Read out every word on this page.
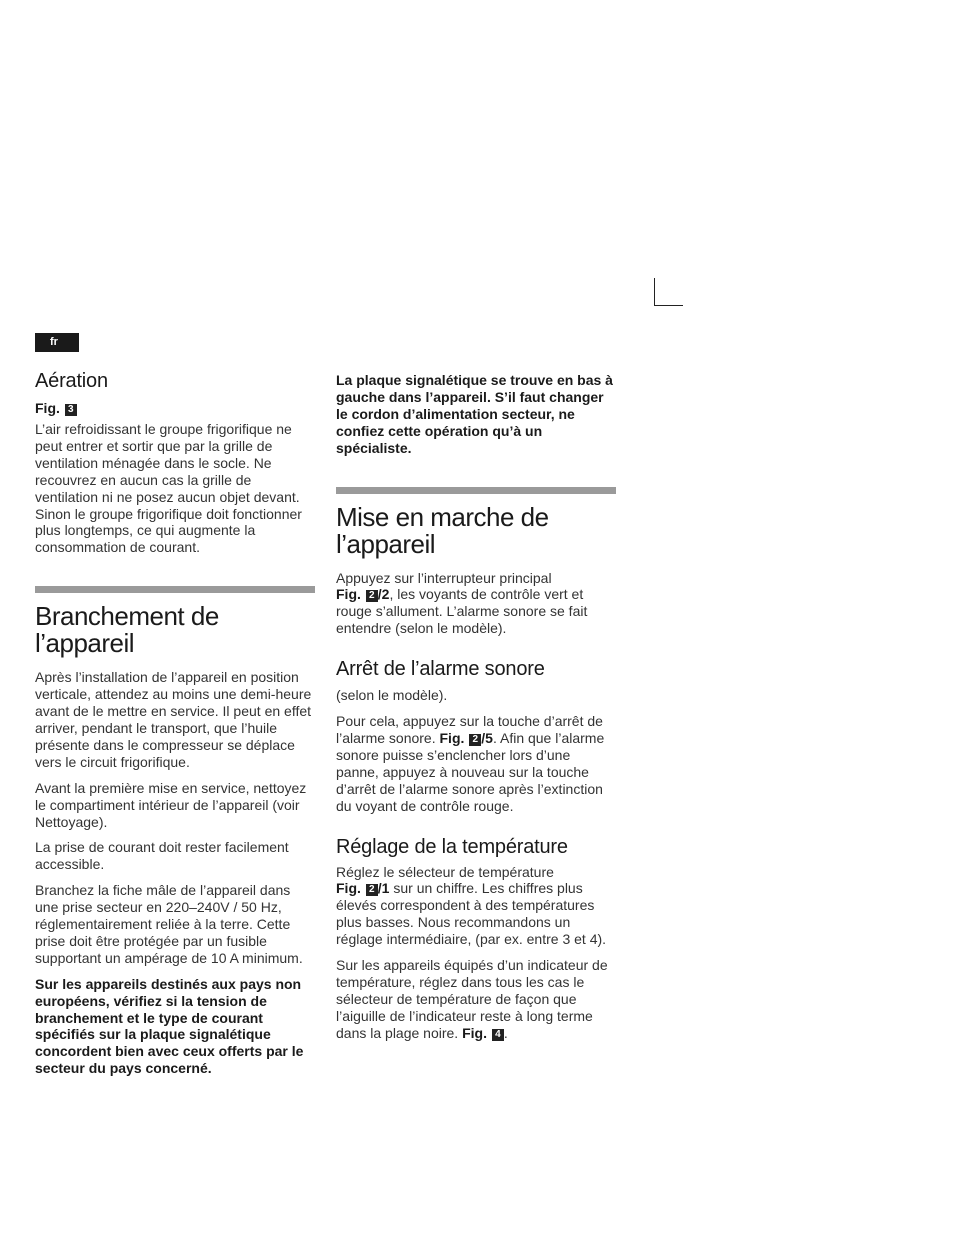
fr
Aération
Fig. 3

L’air refroidissant le groupe frigorifique ne peut entrer et sortir que par la grille de ventilation ménagée dans le socle. Ne recouvrez en aucun cas la grille de ventilation ni ne posez aucun objet devant. Sinon le groupe frigorifique doit fonctionner plus longtemps, ce qui augmente la consommation de courant.

Branchement de
l’appareil

Après l’installation de l’appareil en position verticale, attendez au moins une demi-heure avant de le mettre en service. Il peut en effet arriver, pendant le transport, que l’huile présente dans le compresseur se déplace vers le circuit frigorifique.

Avant la première mise en service, nettoyez le compartiment intérieur de l’appareil (voir Nettoyage).

La prise de courant doit rester facilement accessible.

Branchez la fiche mâle de l’appareil dans une prise secteur en 220–240V / 50 Hz, réglementairement reliée à la terre. Cette prise doit être protégée par un fusible supportant un ampérage de 10 A minimum.

Sur les appareils destinés aux pays non européens, vérifiez si la tension de branchement et le type de courant spécifiés sur la plaque signalétique concordent bien avec ceux offerts par le secteur du pays concerné.

La plaque signalétique se trouve en bas à gauche dans l’appareil. S’il faut changer le cordon d’alimentation secteur, ne confiez cette opération qu’à un spécialiste.

Mise en marche de
l’appareil

Appuyez sur l’interrupteur principal
Fig. 2 /2, les voyants de contrôle vert et rouge s’allument. L’alarme sonore se fait entendre (selon le modèle).

Arrêt de l’alarme sonore

(selon le modèle).

Pour cela, appuyez sur la touche d’arrêt de l’alarme sonore. Fig. 2 /5. Afin que l’alarme sonore puisse s’enclencher lors d’une panne, appuyez à nouveau sur la touche d’arrêt de l’alarme sonore après l’extinction du voyant de contrôle rouge.

Réglage de la température

Réglez le sélecteur de température
Fig. 2 /1 sur un chiffre. Les chiffres plus élevés correspondent à des températures plus basses. Nous recommandons un réglage intermédiaire, (par ex. entre 3 et 4).

Sur les appareils équipés d’un indicateur de température, réglez dans tous les cas le sélecteur de température de façon que l’aiguille de l’indicateur reste à long terme dans la plage noire. Fig. 4 .
